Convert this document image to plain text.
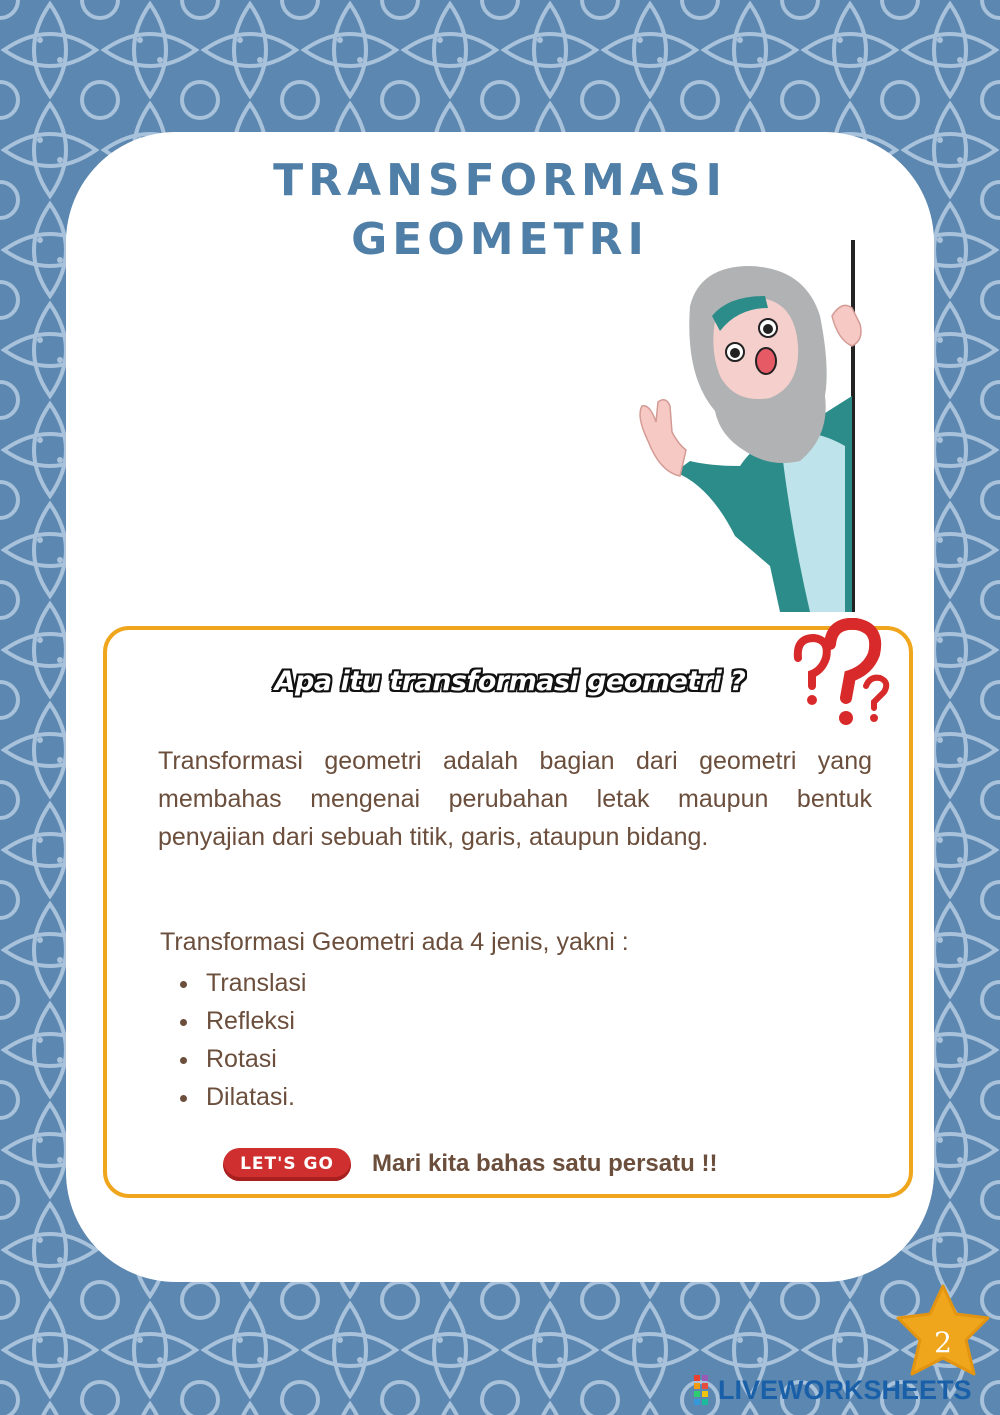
TRANSFORMASI
GEOMETRI
Apa itu transformasi geometri ?

Transformasi geometri adalah bagian dari geometri yang membahas mengenai perubahan letak maupun bentuk penyajian dari sebuah titik, garis, ataupun bidang.

Transformasi Geometri ada 4 jenis, yakni :

Translasi
Refleksi
Rotasi
Dilatasi.
LET'S GO	Mari kita bahas satu persatu !!
2
LIVEWORKSHEETS
